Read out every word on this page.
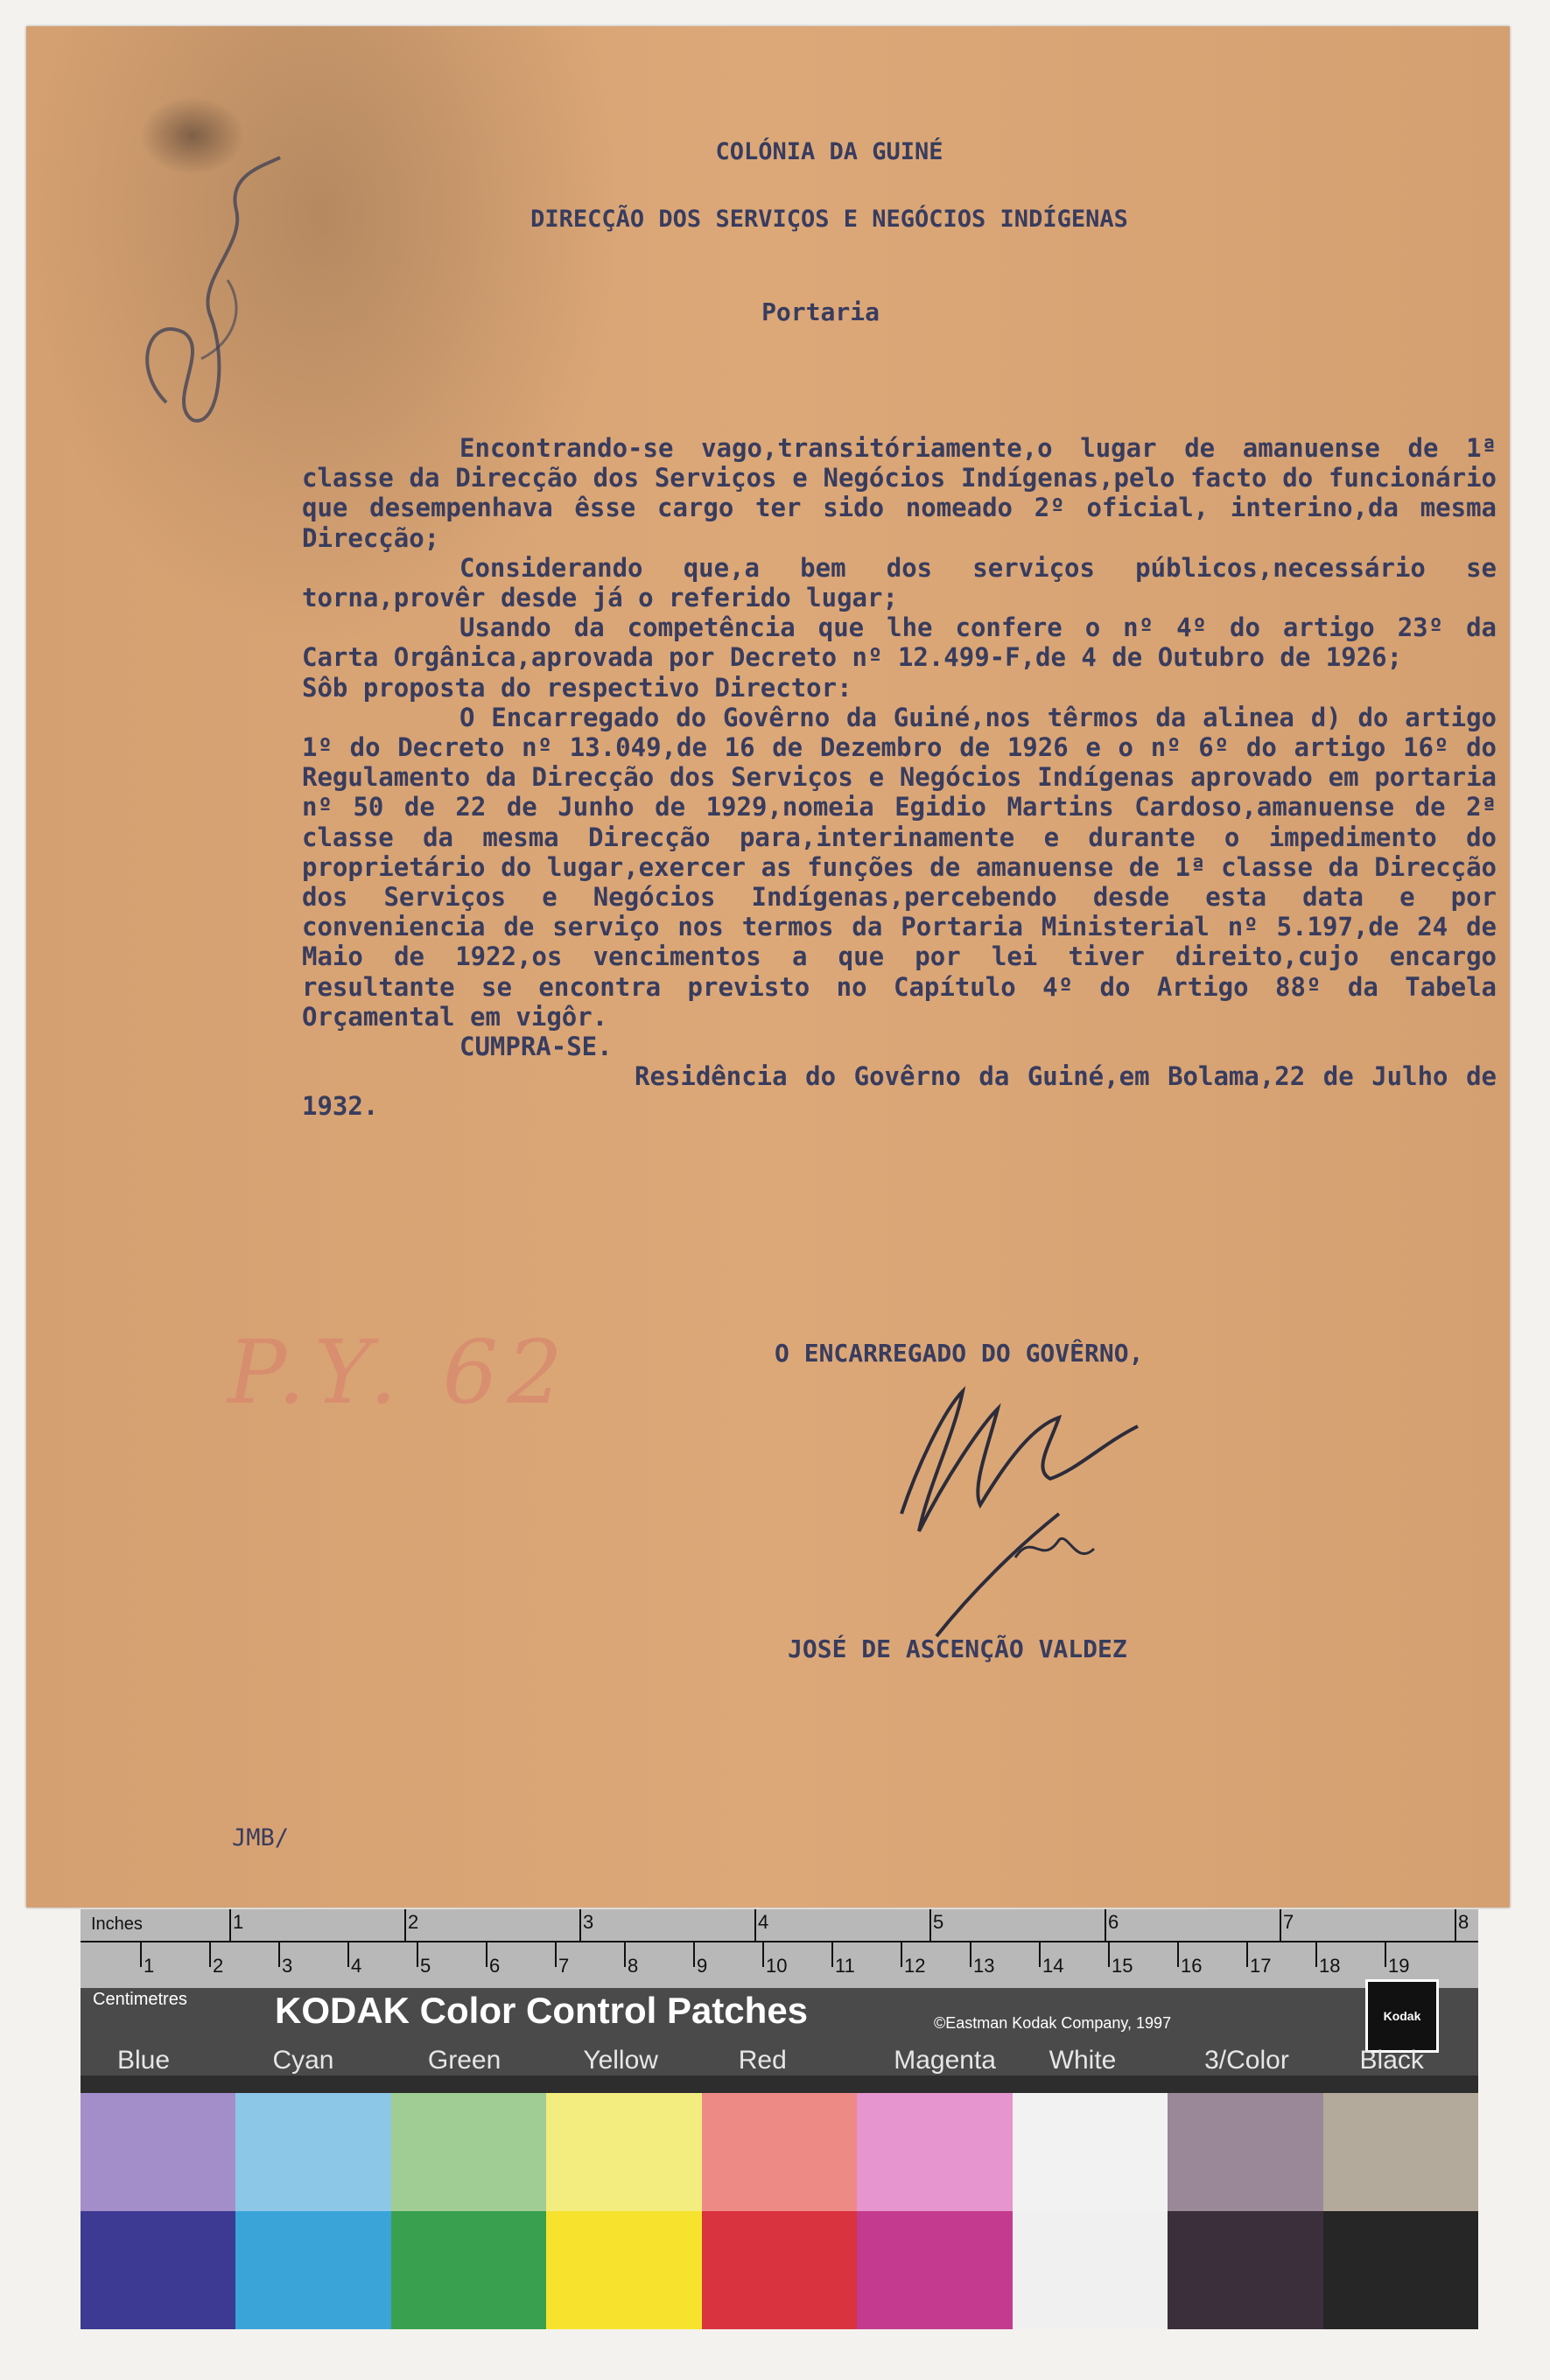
COLÓNIA DA GUINÉ
DIRECÇÃO DOS SERVIÇOS E NEGÓCIOS INDÍGENAS
Portaria

Encontrando-se vago,transitóriamente,o lugar de amanuense de 1ª classe da Direcção dos Serviços e Negócios Indígenas,pelo facto do funcionário que desempenhava êsse cargo ter sido nomeado 2º oficial, interino,da mesma Direcção;

Considerando que,a bem dos serviços públicos,necessário se torna,provêr desde já o referido lugar;

Usando da competência que lhe confere o nº 4º do artigo 23º da Carta Orgânica,aprovada por Decreto nº 12.499-F,de 4 de Outubro de 1926;

Sôb proposta do respectivo Director:

O Encarregado do Govêrno da Guiné,nos têrmos da alinea d) do artigo 1º do Decreto nº 13.049,de 16 de Dezembro de 1926 e o nº 6º do artigo 16º do Regulamento da Direcção dos Serviços e Negócios Indígenas aprovado em portaria nº 50 de 22 de Junho de 1929,nomeia Egidio Martins Cardoso,amanuense de 2ª classe da mesma Direcção para,interinamente e durante o impedimento do proprietário do lugar,exercer as funções de amanuense de 1ª classe da Direcção dos Serviços e Negócios Indígenas,percebendo desde esta data e por conveniencia de serviço nos termos da Portaria Ministerial nº 5.197,de 24 de Maio de 1922,os vencimentos a que por lei tiver direito,cujo encargo resultante se encontra previsto no Capítulo 4º do Artigo 88º da Tabela Orçamental em vigôr.

CUMPRA-SE.

Residência do Govêrno da Guiné,em Bolama,22 de Julho de 1932.

P.Y. 62	O ENCARREGADO DO GOVÊRNO,
JOSÉ DE ASCENÇÃO VALDEZ
JMB/
Inches	1	2	3	4	5	6	7	8
1	2	3	4	5	6	7	8	9	10 11	12 13 14 15 16 17 18 19
Centimetres KODAK Color Control Patches	©Eastman Kodak Company, 1997	Kodak
Blue	Cyan	Green	Yellow	Red	Magenta White	3/Color	Black
